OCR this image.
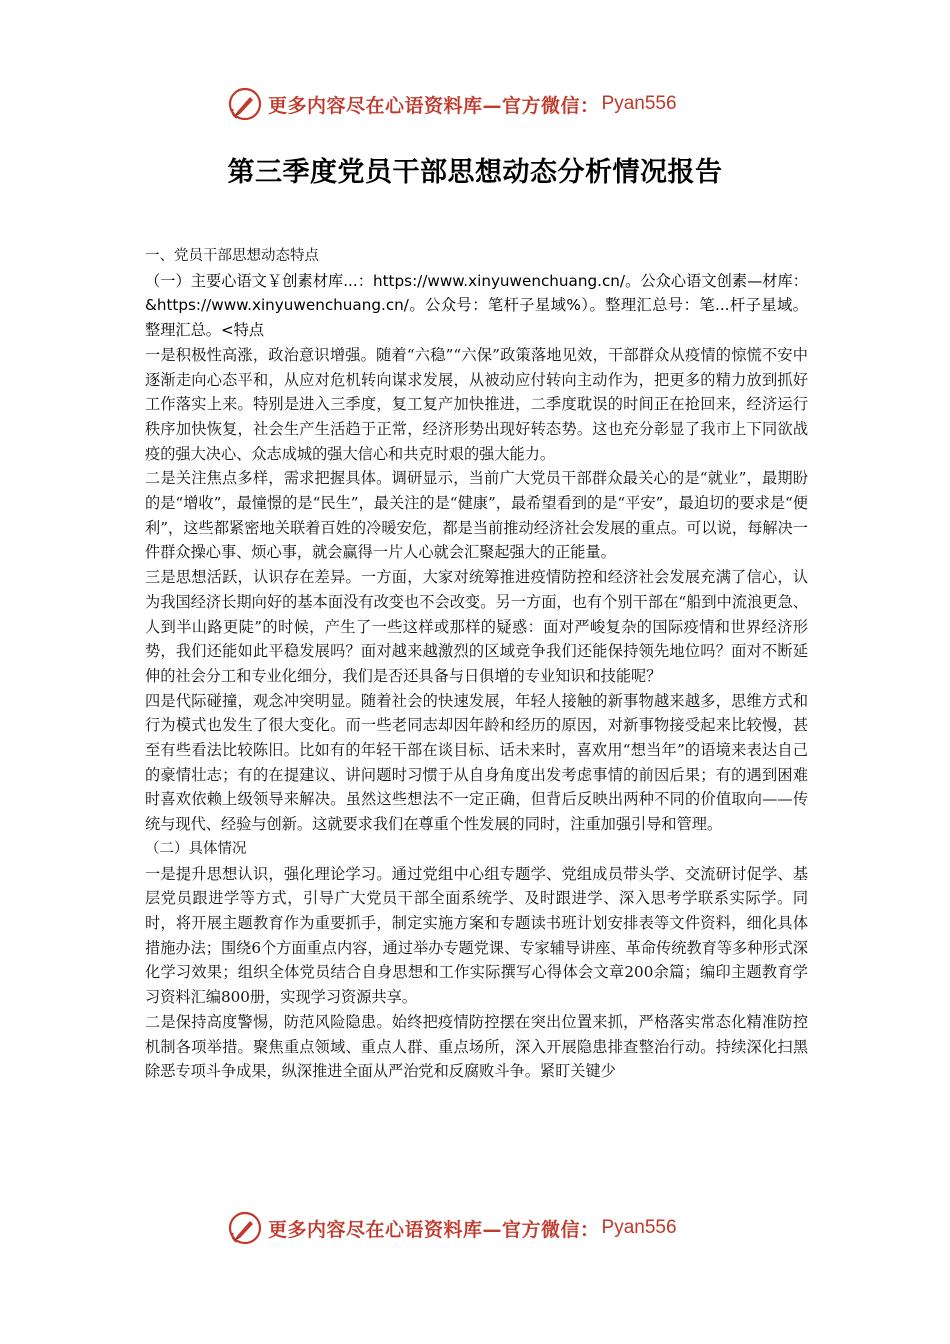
更多内容尽在心语资料库—官方微信： Pyan556
第三季度党员干部思想动态分析情况报告

一、党员干部思想动态特点

（一）主要心语文￥创素材库...：https://www.xinyuwenchuang.cn/。公众心语文创素—材库：&https://www.xinyuwenchuang.cn/。公众号：笔杆子星域%）。整理汇总号：笔...杆子星域。整理汇总。<特点

一是积极性高涨，政治意识增强。随着“六稳”“六保”政策落地见效，干部群众从疫情的惊慌不安中逐渐走向心态平和，从应对危机转向谋求发展，从被动应付转向主动作为，把更多的精力放到抓好工作落实上来。特别是进入三季度，复工复产加快推进，二季度耽误的时间正在抢回来，经济运行秩序加快恢复，社会生产生活趋于正常，经济形势出现好转态势。这也充分彰显了我市上下同欲战疫的强大决心、众志成城的强大信心和共克时艰的强大能力。

二是关注焦点多样，需求把握具体。调研显示，当前广大党员干部群众最关心的是“就业”，最期盼的是“增收”，最憧憬的是“民生”，最关注的是“健康”，最希望看到的是“平安”，最迫切的要求是“便利”，这些都紧密地关联着百姓的冷暖安危，都是当前推动经济社会发展的重点。可以说，每解决一件群众操心事、烦心事，就会赢得一片人心就会汇聚起强大的正能量。

三是思想活跃，认识存在差异。一方面，大家对统筹推进疫情防控和经济社会发展充满了信心，认为我国经济长期向好的基本面没有改变也不会改变。另一方面，也有个别干部在“船到中流浪更急、人到半山路更陡”的时候，产生了一些这样或那样的疑惑：面对严峻复杂的国际疫情和世界经济形势，我们还能如此平稳发展吗？面对越来越激烈的区域竞争我们还能保持领先地位吗？面对不断延伸的社会分工和专业化细分，我们是否还具备与日俱增的专业知识和技能呢？

四是代际碰撞，观念冲突明显。随着社会的快速发展，年轻人接触的新事物越来越多，思维方式和行为模式也发生了很大变化。而一些老同志却因年龄和经历的原因，对新事物接受起来比较慢，甚至有些看法比较陈旧。比如有的年轻干部在谈目标、话未来时，喜欢用“想当年”的语境来表达自己的豪情壮志；有的在提建议、讲问题时习惯于从自身角度出发考虑事情的前因后果；有的遇到困难时喜欢依赖上级领导来解决。虽然这些想法不一定正确，但背后反映出两种不同的价值取向——传统与现代、经验与创新。这就要求我们在尊重个性发展的同时，注重加强引导和管理。

（二）具体情况

一是提升思想认识，强化理论学习。通过党组中心组专题学、党组成员带头学、交流研讨促学、基层党员跟进学等方式，引导广大党员干部全面系统学、及时跟进学、深入思考学联系实际学。同时，将开展主题教育作为重要抓手，制定实施方案和专题读书班计划安排表等文件资料，细化具体措施办法；围绕6个方面重点内容，通过举办专题党课、专家辅导讲座、革命传统教育等多种形式深化学习效果；组织全体党员结合自身思想和工作实际撰写心得体会文章200余篇；编印主题教育学习资料汇编800册，实现学习资源共享。

二是保持高度警惕，防范风险隐患。始终把疫情防控摆在突出位置来抓，严格落实常态化精准防控机制各项举措。聚焦重点领域、重点人群、重点场所，深入开展隐患排查整治行动。持续深化扫黑除恶专项斗争成果，纵深推进全面从严治党和反腐败斗争。紧盯关键少

更多内容尽在心语资料库—官方微信： Pyan556
